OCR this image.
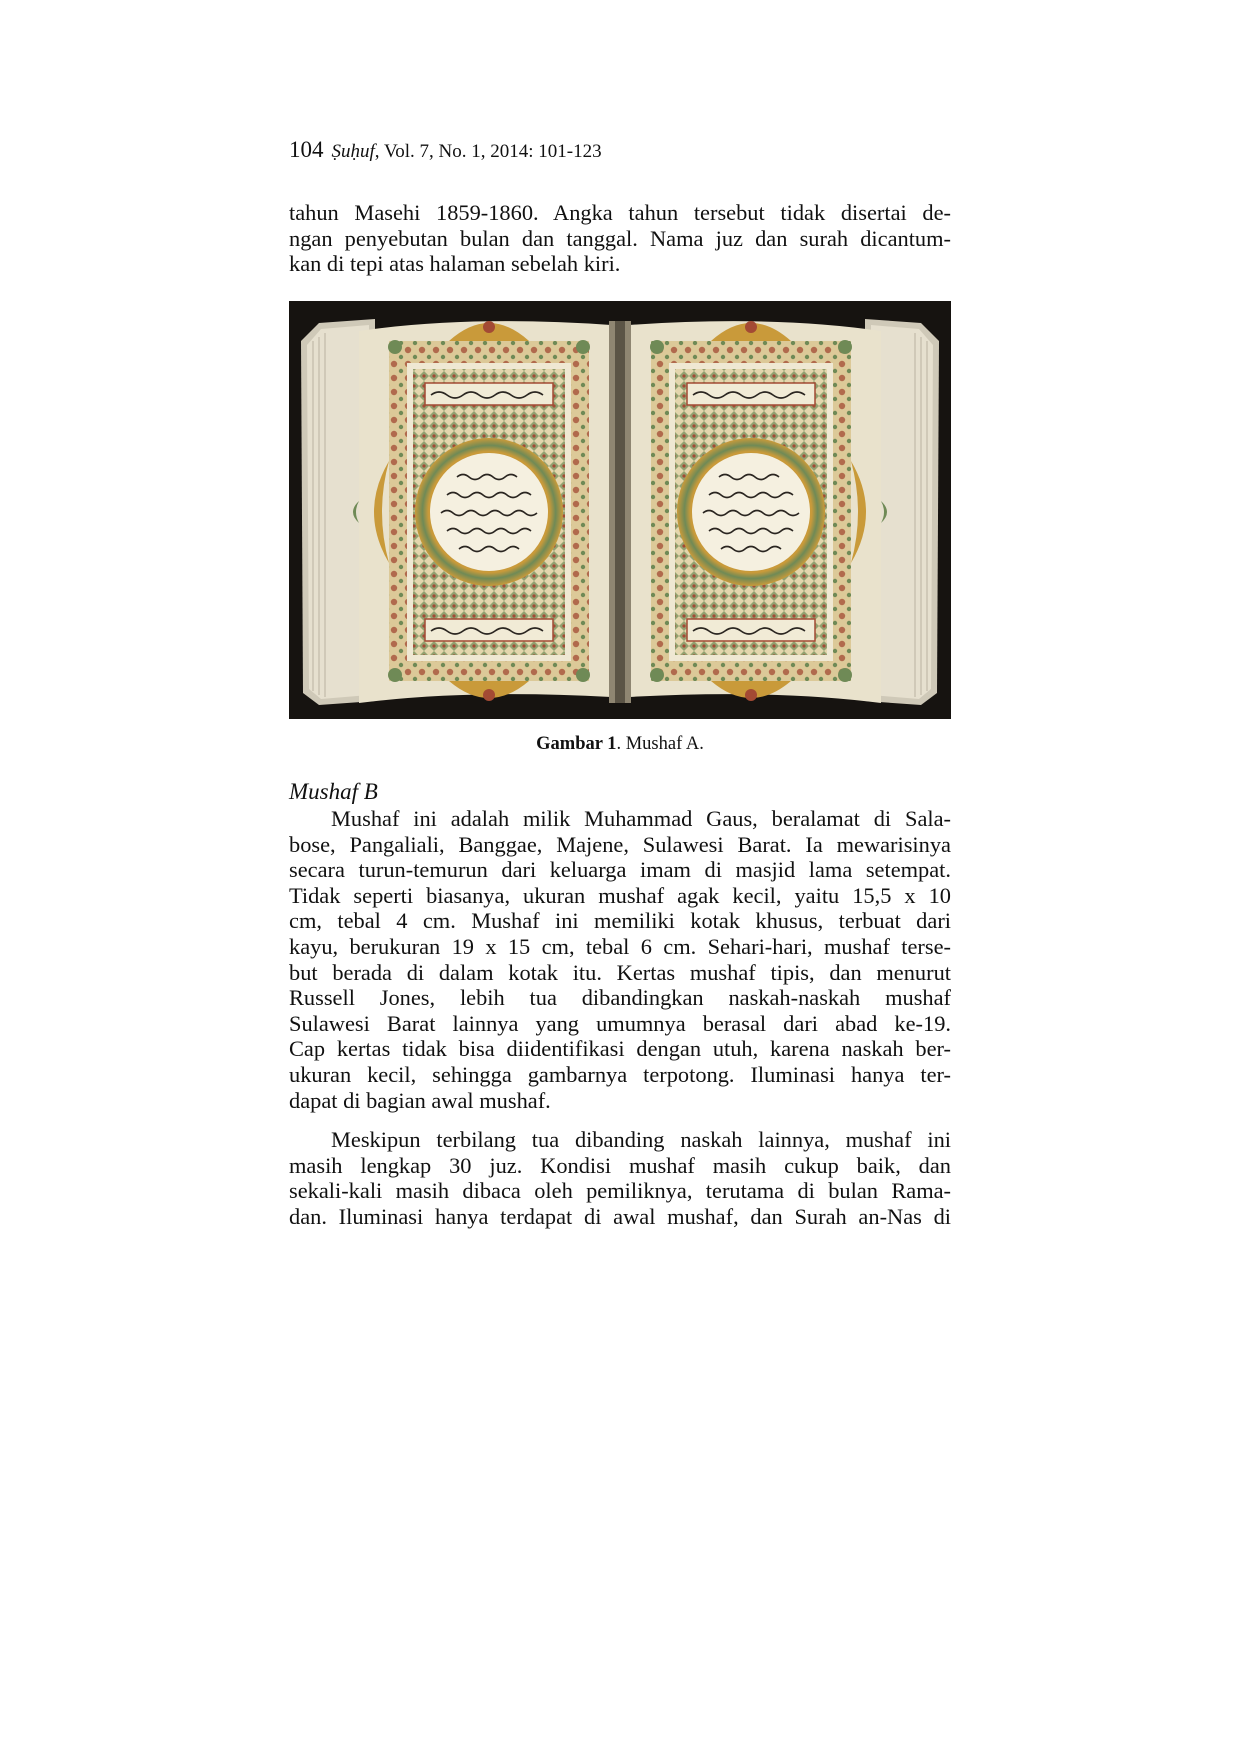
104 Ṣuḥuf, Vol. 7, No. 1, 2014: 101-123

tahun Masehi 1859-1860. Angka tahun tersebut tidak disertai de-

ngan penyebutan bulan dan tanggal. Nama juz dan surah dicantum-

kan di tepi atas halaman sebelah kiri.

Gambar 1. Mushaf A.
Mushaf B

Mushaf ini adalah milik Muhammad Gaus, beralamat di Sala-

bose, Pangaliali, Banggae, Majene, Sulawesi Barat. Ia mewarisinya

secara turun-temurun dari keluarga imam di masjid lama setempat.

Tidak seperti biasanya, ukuran mushaf agak kecil, yaitu 15,5 x 10

cm, tebal 4 cm. Mushaf ini memiliki kotak khusus, terbuat dari

kayu, berukuran 19 x 15 cm, tebal 6 cm. Sehari-hari, mushaf terse-

but berada di dalam kotak itu. Kertas mushaf tipis, dan menurut

Russell Jones, lebih tua dibandingkan naskah-naskah mushaf

Sulawesi Barat lainnya yang umumnya berasal dari abad ke-19.

Cap kertas tidak bisa diidentifikasi dengan utuh, karena naskah ber-

ukuran kecil, sehingga gambarnya terpotong. Iluminasi hanya ter-

dapat di bagian awal mushaf.

Meskipun terbilang tua dibanding naskah lainnya, mushaf ini

masih lengkap 30 juz. Kondisi mushaf masih cukup baik, dan

sekali-kali masih dibaca oleh pemiliknya, terutama di bulan Rama-

dan. Iluminasi hanya terdapat di awal mushaf, dan Surah an-Nas di
